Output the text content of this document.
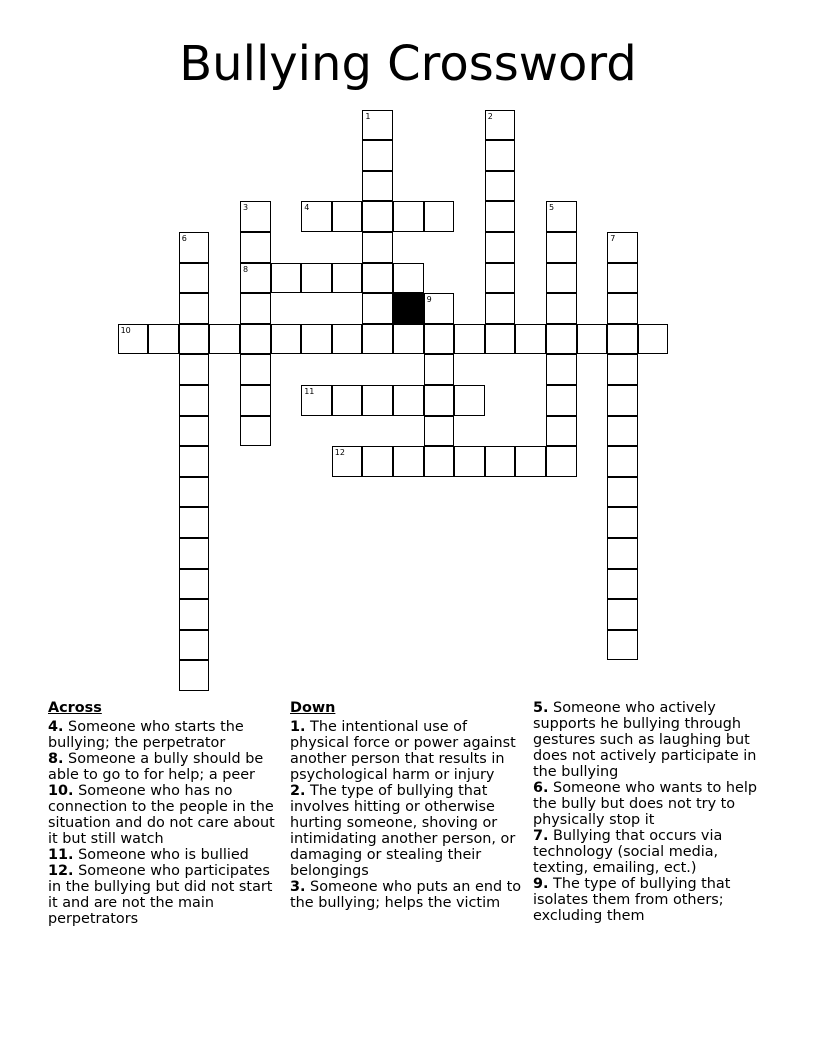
Bullying Crossword
1	2
3
8
4	5
6	7
9
10
11
12
Across

4. Someone who starts the bullying; the perpetrator

8. Someone a bully should be able to go to for help; a peer

10. Someone who has no connection to the people in the situation and do not care about it but still watch

11. Someone who is bullied

12. Someone who participates in the bullying but did not start it and are not the main perpetrators

Down

1. The intentional use of physical force or power against another person that results in psychological harm or injury

2. The type of bullying that involves hitting or otherwise hurting someone, shoving or intimidating another person, or damaging or stealing their belongings

3. Someone who puts an end to the bullying; helps the victim

5. Someone who actively supports he bullying through gestures such as laughing but does not actively participate in the bullying

6. Someone who wants to help the bully but does not try to physically stop it

7. Bullying that occurs via technology (social media, texting, emailing, ect.)

9. The type of bullying that isolates them from others; excluding them
